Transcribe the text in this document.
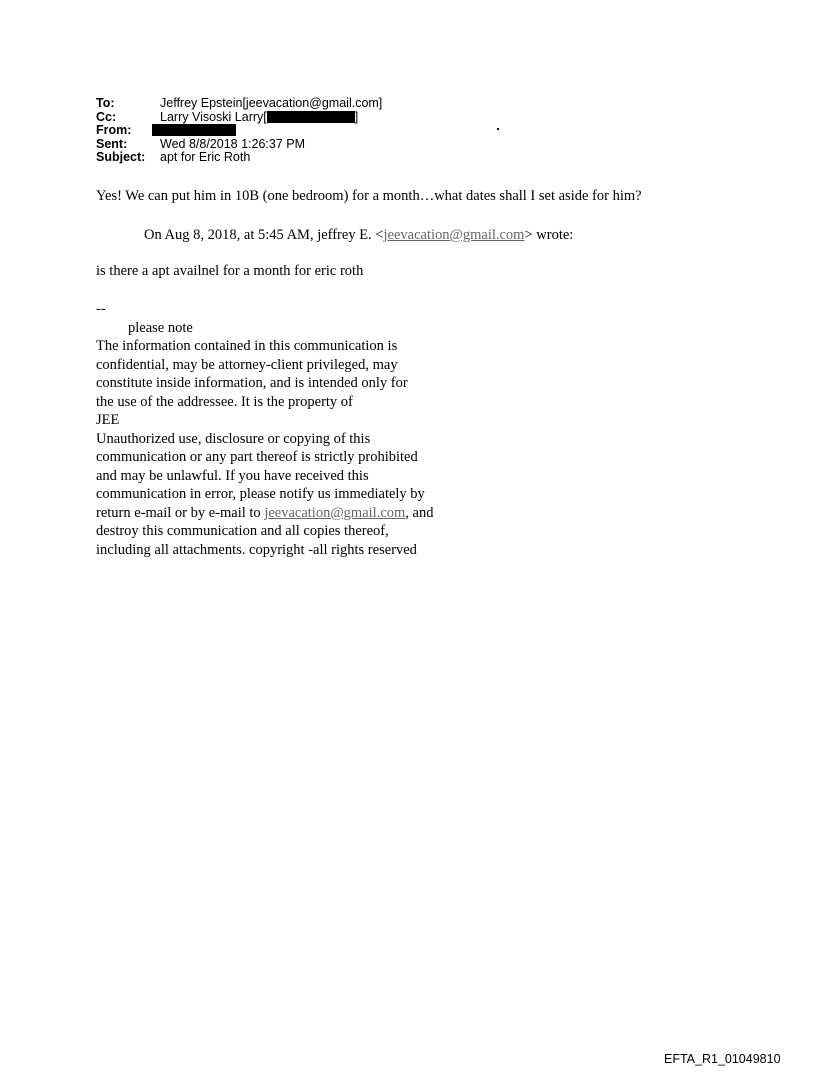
To:	Jeffrey Epstein[jeevacation@gmail.com]
Cc:	Larry Visoski Larry[	]
From:
Sent:	Wed 8/8/2018 1:26:37 PM
Subject: apt for Eric Roth
Yes! We can put him in 10B (one bedroom) for a month…what dates shall I set aside for him?
On Aug 8, 2018, at 5:45 AM, jeffrey E. <jeevacation@gmail.com> wrote:
is there a apt availnel for a month for eric roth
--
please note
The information contained in this communication is
confidential, may be attorney-client privileged, may
constitute inside information, and is intended only for
the use of the addressee. It is the property of
JEE
Unauthorized use, disclosure or copying of this
communication or any part thereof is strictly prohibited
and may be unlawful. If you have received this
communication in error, please notify us immediately by
return e-mail or by e-mail to jeevacation@gmail.com, and
destroy this communication and all copies thereof,
including all attachments. copyright -all rights reserved
EFTA_R1_01049810
